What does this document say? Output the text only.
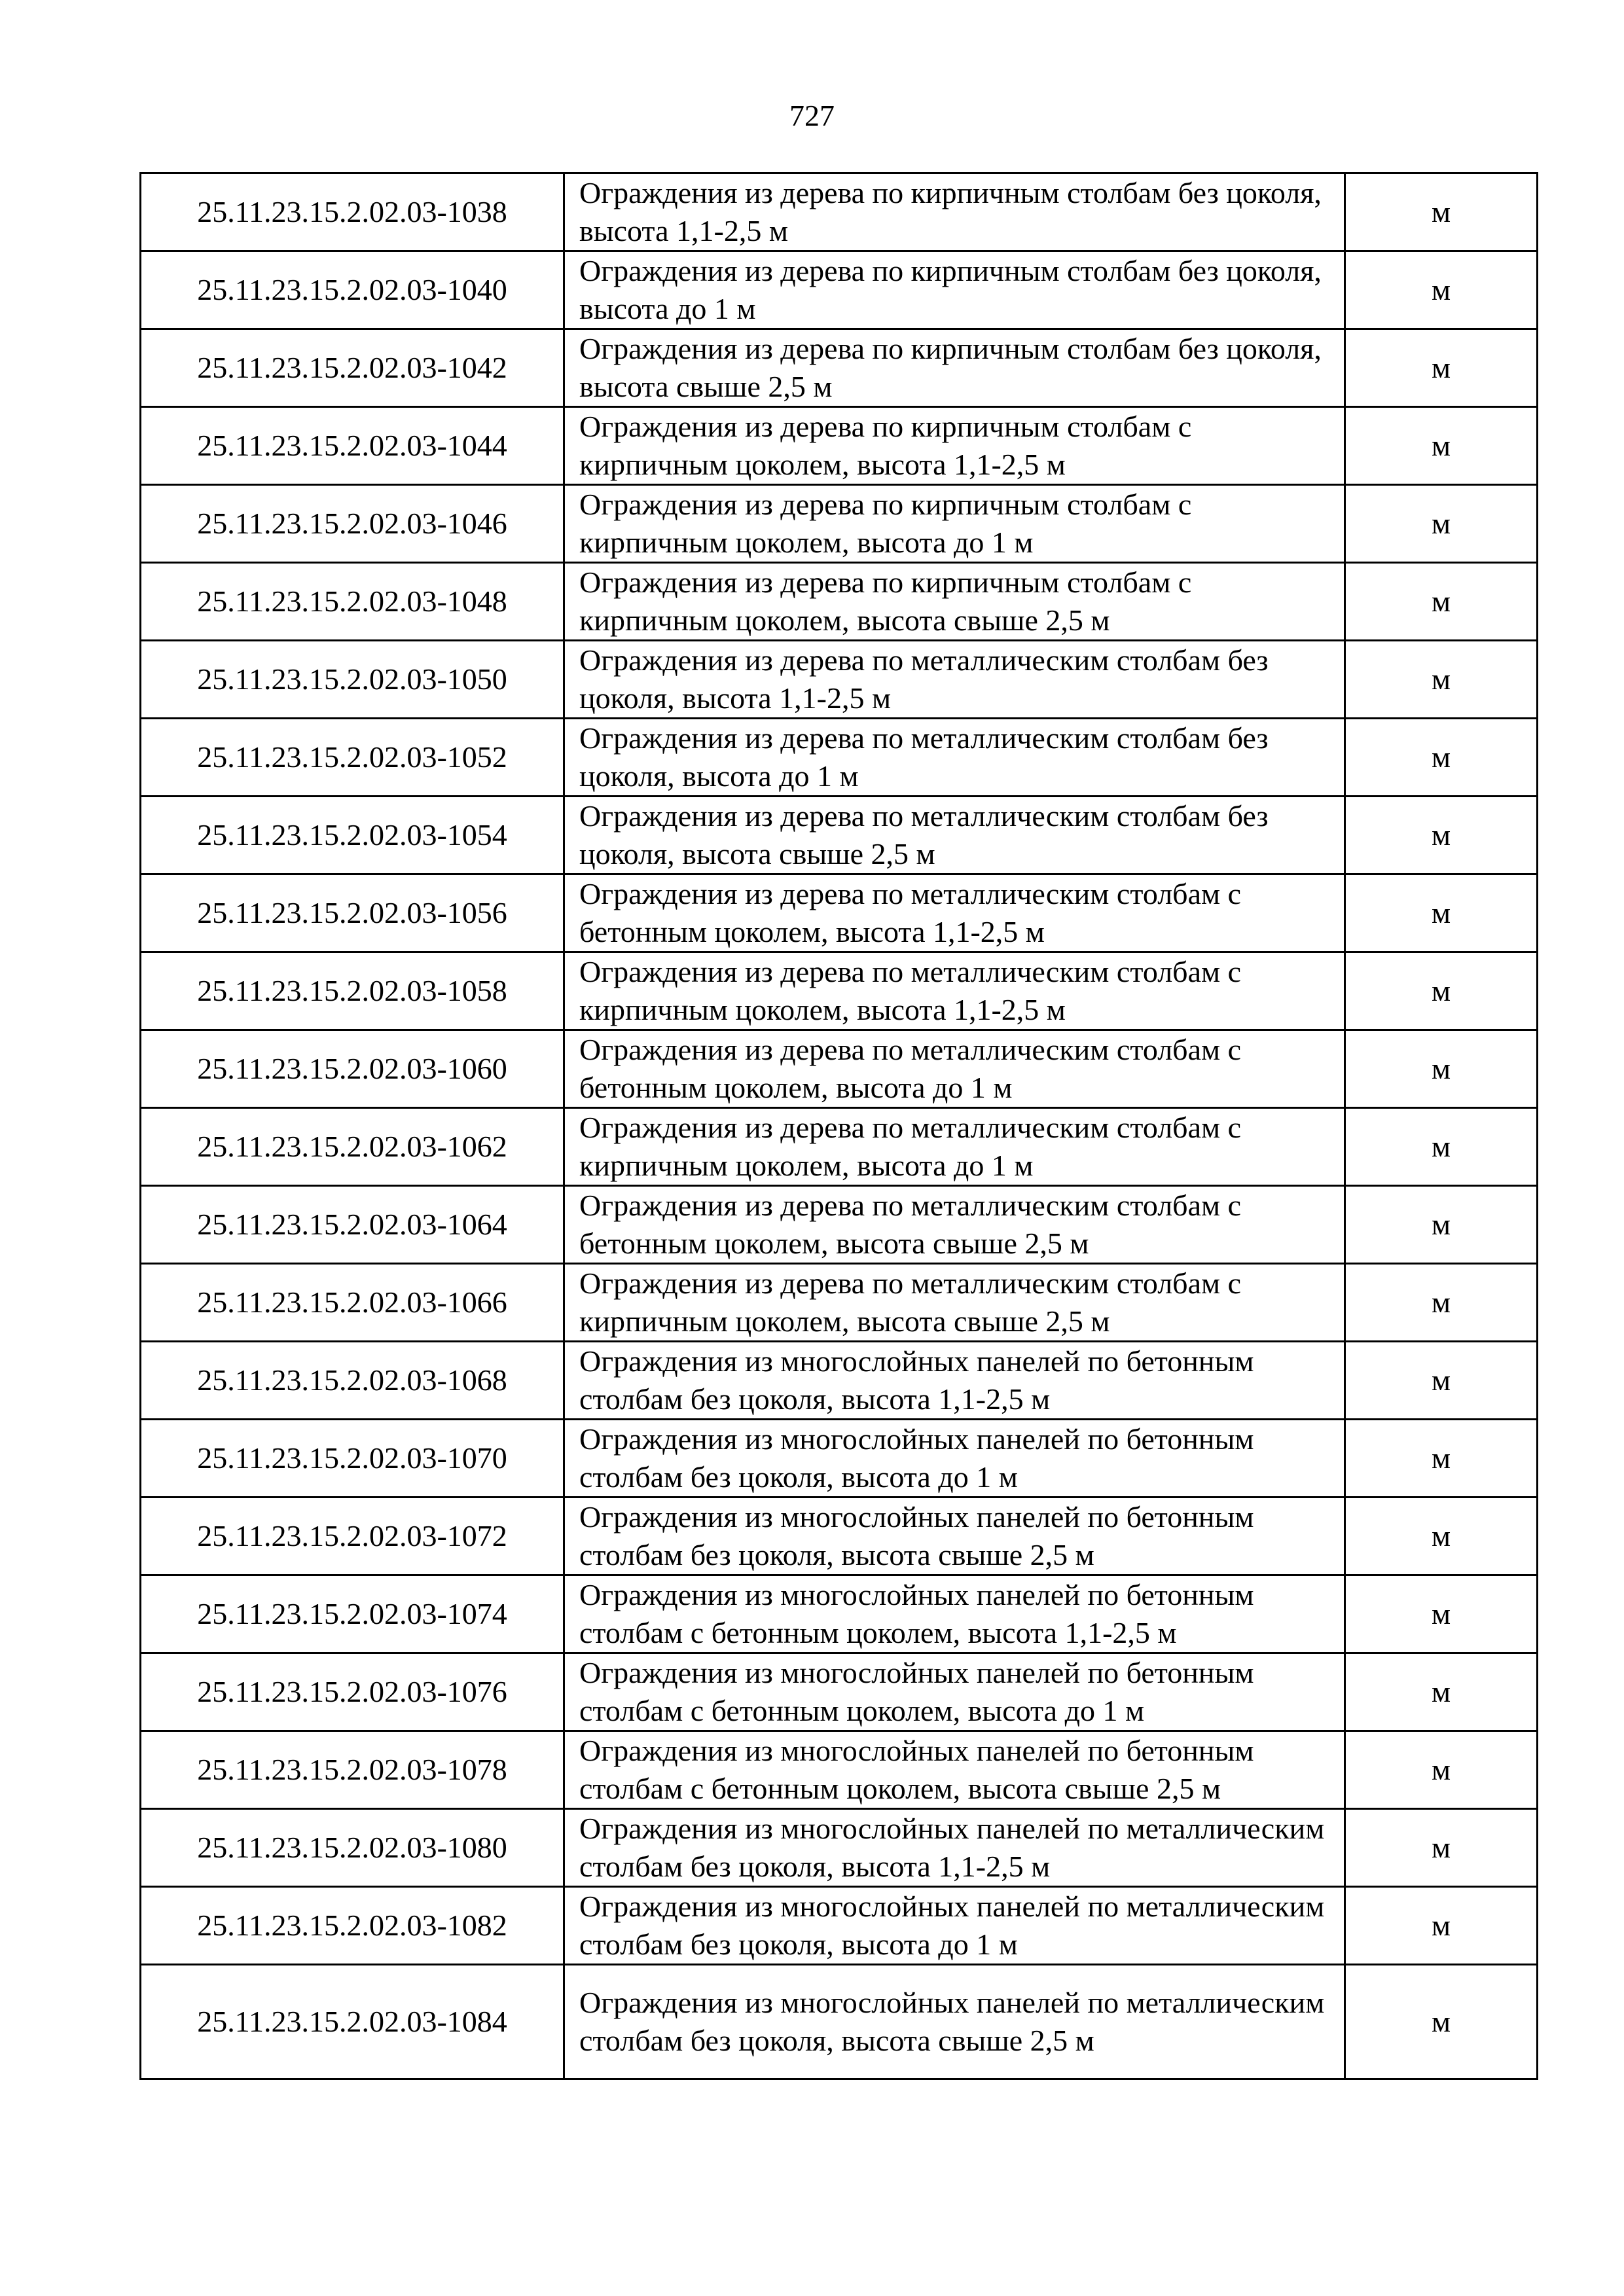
727
25.11.23.15.2.02.03-1038	Ограждения из дерева по кирпичным столбам без цоколя, высота 1,1-2,5 м	м
25.11.23.15.2.02.03-1040	Ограждения из дерева по кирпичным столбам без цоколя, высота до 1 м	м
25.11.23.15.2.02.03-1042	Ограждения из дерева по кирпичным столбам без цоколя, высота свыше 2,5 м	м
25.11.23.15.2.02.03-1044	Ограждения из дерева по кирпичным столбам с кирпичным цоколем, высота 1,1-2,5 м	м
25.11.23.15.2.02.03-1046	Ограждения из дерева по кирпичным столбам с кирпичным цоколем, высота до 1 м	м
25.11.23.15.2.02.03-1048	Ограждения из дерева по кирпичным столбам с кирпичным цоколем, высота свыше 2,5 м	м
25.11.23.15.2.02.03-1050	Ограждения из дерева по металлическим столбам без цоколя, высота 1,1-2,5 м	м
25.11.23.15.2.02.03-1052	Ограждения из дерева по металлическим столбам без цоколя, высота до 1 м	м
25.11.23.15.2.02.03-1054	Ограждения из дерева по металлическим столбам без цоколя, высота свыше 2,5 м	м
25.11.23.15.2.02.03-1056	Ограждения из дерева по металлическим столбам с бетонным цоколем, высота 1,1-2,5 м	м
25.11.23.15.2.02.03-1058	Ограждения из дерева по металлическим столбам с кирпичным цоколем, высота 1,1-2,5 м	м
25.11.23.15.2.02.03-1060	Ограждения из дерева по металлическим столбам с бетонным цоколем, высота до 1 м	м
25.11.23.15.2.02.03-1062	Ограждения из дерева по металлическим столбам с кирпичным цоколем, высота до 1 м	м
25.11.23.15.2.02.03-1064	Ограждения из дерева по металлическим столбам с бетонным цоколем, высота свыше 2,5 м	м
25.11.23.15.2.02.03-1066	Ограждения из дерева по металлическим столбам с кирпичным цоколем, высота свыше 2,5 м	м
25.11.23.15.2.02.03-1068	Ограждения из многослойных панелей по бетонным столбам без цоколя, высота 1,1-2,5 м	м
25.11.23.15.2.02.03-1070	Ограждения из многослойных панелей по бетонным столбам без цоколя, высота до 1 м	м
25.11.23.15.2.02.03-1072	Ограждения из многослойных панелей по бетонным столбам без цоколя, высота свыше 2,5 м	м
25.11.23.15.2.02.03-1074	Ограждения из многослойных панелей по бетонным столбам с бетонным цоколем, высота 1,1-2,5 м	м
25.11.23.15.2.02.03-1076	Ограждения из многослойных панелей по бетонным столбам с бетонным цоколем, высота до 1 м	м
25.11.23.15.2.02.03-1078	Ограждения из многослойных панелей по бетонным столбам с бетонным цоколем, высота свыше 2,5 м	м
25.11.23.15.2.02.03-1080	Ограждения из многослойных панелей по металлическим столбам без цоколя, высота 1,1-2,5 м	м
25.11.23.15.2.02.03-1082	Ограждения из многослойных панелей по металлическим столбам без цоколя, высота до 1 м	м
25.11.23.15.2.02.03-1084	Ограждения из многослойных панелей по металлическим столбам без цоколя, высота свыше 2,5 м	м
